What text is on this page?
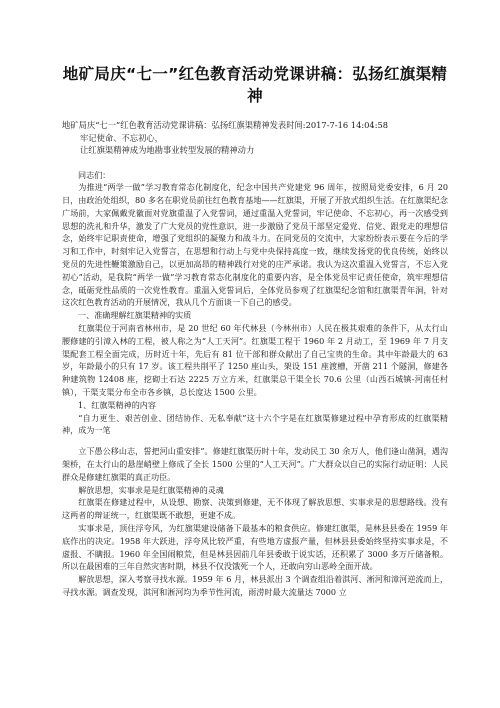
地矿局庆“七一”红色教育活动党课讲稿：弘扬红旗渠精神

地矿局庆“七一”红色教育活动党课讲稿：弘扬红旗渠精神发表时间:2017-7-16 14:04:58

牢记使命、不忘初心，

让红旗渠精神成为地勘事业转型发展的精神动力

同志们：

为推进“两学一做”学习教育常态化制度化，纪念中国共产党建党 96 周年，按照局党委安排，6 月 20 日，由政治处组织，80 多名在职党员前往红色教育基地——红旗渠，开展了开放式组织生活。在红旗渠纪念广场前，大家佩戴党徽面对党旗重温了入党誓词，通过重温入党誓词，牢记使命、不忘初心，再一次感受到思想的洗礼和升华，激发了广大党员的党性意识，进一步激励了党员干部坚定爱党、信党、跟党走的理想信念，始终牢记职责使命，增强了党组织的凝聚力和战斗力。在同党员的交流中，大家纷纷表示要在今后的学习和工作中，时刻牢记入党誓言，在思想和行动上与党中央保持高度一致，继续发扬党的优良传统，始终以党员的先进性鞭策激励自己，以更加高昂的精神践行对党的庄严承诺。我认为这次重温入党誓言，不忘入党初心”活动，是我院“两学一做”学习教育常态化制度化的重要内容，是全体党员牢记责任使命，筑牢理想信念，砥砺党性品质的一次党性教育。重温入党誓词后，全体党员参观了红旗渠纪念馆和红旗渠青年洞，针对这次红色教育活动的开展情况，我从几个方面谈一下自己的感受。

一、准确理解红旗渠精神的实质

红旗渠位于河南省林州市，是 20 世纪 60 年代林县（今林州市）人民在极其艰难的条件下，从太行山腰修建的引漳入林的工程，被人称之为“人工天河”。红旗渠工程于 1960 年 2 月动工，至 1969 年 7 月支渠配套工程全面完成，历时近十年，先后有 81 位干部和群众献出了自己宝贵的生命。其中年龄最大的 63 岁，年龄最小的只有 17 岁。该工程共削平了 1250 座山头，架设 151 座渡槽，开凿 211 个隧洞，修建各种建筑物 12408 座，挖砌土石达 2225 万立方米，红旗渠总干渠全长 70.6 公里（山西石城镇-河南任村镇），干渠支渠分布全市各乡镇，总长度达 1500 公里。

1、红旗渠精神的内容

“自力更生、艰苦创业、团结协作、无私奉献”这十六个字是在红旗渠修建过程中孕育形成的红旗渠精神，成为一笔

立下愚公移山志，誓把河山重安排”。修建红旗渠历时十年，发动民工 30 余万人，他们逢山凿洞，遇沟架桥，在太行山的悬崖峭壁上修成了全长 1500 公里的“人工天河”。广大群众以自己的实际行动证明：人民群众是修建红旗渠的真正功臣。

解放思想，实事求是是红旗渠精神的灵魂

红旗渠在修建过程中，从设想、勘察、决策到修建，无不体现了解放思想、实事求是的思想路线。没有这两者的辩证统一，红旗渠既不敢想，更建不成。

实事求是，顶住浮夸风，为红旗渠建设储备下最基本的粮食供应。修建红旗渠，是林县县委在 1959 年底作出的决定。1958 年大跃进，浮夸风比较严重，有些地方虚报产量，但林县县委始终坚持实事求是，不虚报、不瞒报。1960 年全国闹粮荒，但是林县因前几年县委敢于说实话，还积累了 3000 多万斤储备粮。所以在最困难的三年自然灾害时期，林县不仅没饿死一个人，还敢向穷山恶岭全面开战。

解放思想，深入考察寻找水源。1959 年 6 月，林县派出 3 个调查组沿着淇河、淅河和漳河逆流而上，寻找水源。调查发现，淇河和淅河均为季节性河流，雨涝时最大流量达 7000 立
